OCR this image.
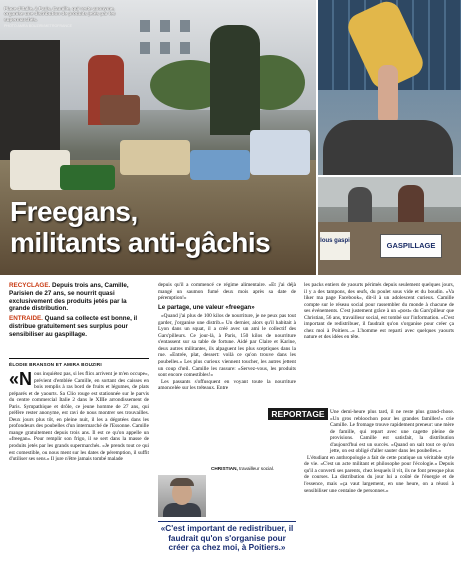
Place d'Italie, à Paris, Camille, qui reste anonyme, organise une distribution de produits jetés par les supermarchés.
PHOTO AMRA BOUZIRI/METROFRANCE
Freegans,
militants anti-gâchis	lous gaspi	GASPILLAGE

RECYCLAGE. Depuis trois ans, Camille, Parisien de 27 ans, se nourrit quasi exclusivement des produits jetés par la grande distribution.

ENTRAIDE. Quand sa collecte est bonne, il distribue gratuitement ses surplus pour sensibiliser au gaspillage.

ÉLODIE BRANSON ET AMIRA BOUZIRI

«Nous inquiétez pas, si les flics arrivent je m'en occupe», prévient d'emblée Camille, en sortant des caisses en bois remplis à ras bord de fruits et légumes, de plats préparés et de yaourts. Sa Clio rouge est stationnée sur le parvis du centre commercial Italie 2 dans le XIIIe arrondissement de Paris. Sympathique et drôle, ce jeune homme de 27 ans, qui préfère rester anonyme, est ravi de nous montrer ses trouvailles. Deux jours plus tôt, en pleine nuit, il les a dégotées dans les profondeurs des poubelles d'un intermarché de l'Essonne. Camille mange gratuitement depuis trois ans. Il est ce qu'on appelle un «freegan». Pour remplir son frigo, il se sert dans la masse de produits jetés par les grands supermarchés. «Je prends tout ce qui est comestible, ou nous ment sur les dates de péremption, il suffit d'utiliser ses sens.» Il jure n'être jamais tombé malade

depuis qu'il a commencé ce régime alimentaire. «Et j'ai déjà mangé un saumon fumé deux mois après sa date de péremption!»

Le partage, une valeur «freegan»

«Quand j'ai plus de 100 kilos de nourriture, je ne peux pas tout garder, j'organise une distrib.» Un dernier, alors qu'il habitait à Lyon dans un squat, il a créé avec un ami le collectif des Gars'pilleurs. Ce jour-là, à Paris, 150 kilos de nourriture s'entassent sur sa table de fortune. Aidé par Claire et Karine, deux autres militantes, ils alpaguent les plus sceptiques dans la rue. «Entrée, plat, dessert: voilà ce qu'on trouve dans les poubelles.» Les plus curieux viennent toucher, les autres jettent un coup d'œil. Camille les rassure: «Servez-vous, les produits sont encore comestibles!»

Les passants s'offusquent en voyant toute la nourriture amoncelée sur les tréteaux. Entre

CHRISTIAN, travailleur social.
«C'est important de redistribuer, il faudrait qu'on s'organise pour créer ça chez moi, à Poitiers.»

les packs entiers de yaourts périmés depuis seulement quelques jours, il y a des tampons, des œufs, du poulet sous vide et du boudin. «Va liker ma page Facebook», dit-il à un adolescent curieux. Camille compte sur le réseau social pour rassembler du monde à chacune de ses événements. C'est justement grâce à un «post» du Gars'pilleur que Christian, 56 ans, travailleur social, est tombé sur l'information. «C'est important de redistribuer, il faudrait qu'on s'organise pour créer ça chez moi à Poitiers...» L'homme est reparti avec quelques yaourts nature et des idées en tête.

REPORTAGE	Une demi-heure plus tard, il ne reste plus grand-chose. «Un gros rebloochon pour les grandes familles!» crie Camille. Le fromage trouve rapidement preneur: une mère de famille, qui repart avec une cagette pleine de provisions. Camille est satisfait, la distribution d'aujourd'hui est un succès. «Quand on sait tout ce qu'on jette, on est obligé d'aller sauter dans les poubelles.»

L'étudiant en anthropologie a fait de cette pratique un véritable style de vie. «C'est un acte militant et philosophe pour l'écologie.» Depuis qu'il a converti ses parents, chez lesquels il vit, ils ne font presque plus de courses. La distribution du jour lui a coûté de l'énergie et de l'essence, mais «ça vaut largement, en une heure, on a réussi à sensibiliser une centaine de personnes.»
